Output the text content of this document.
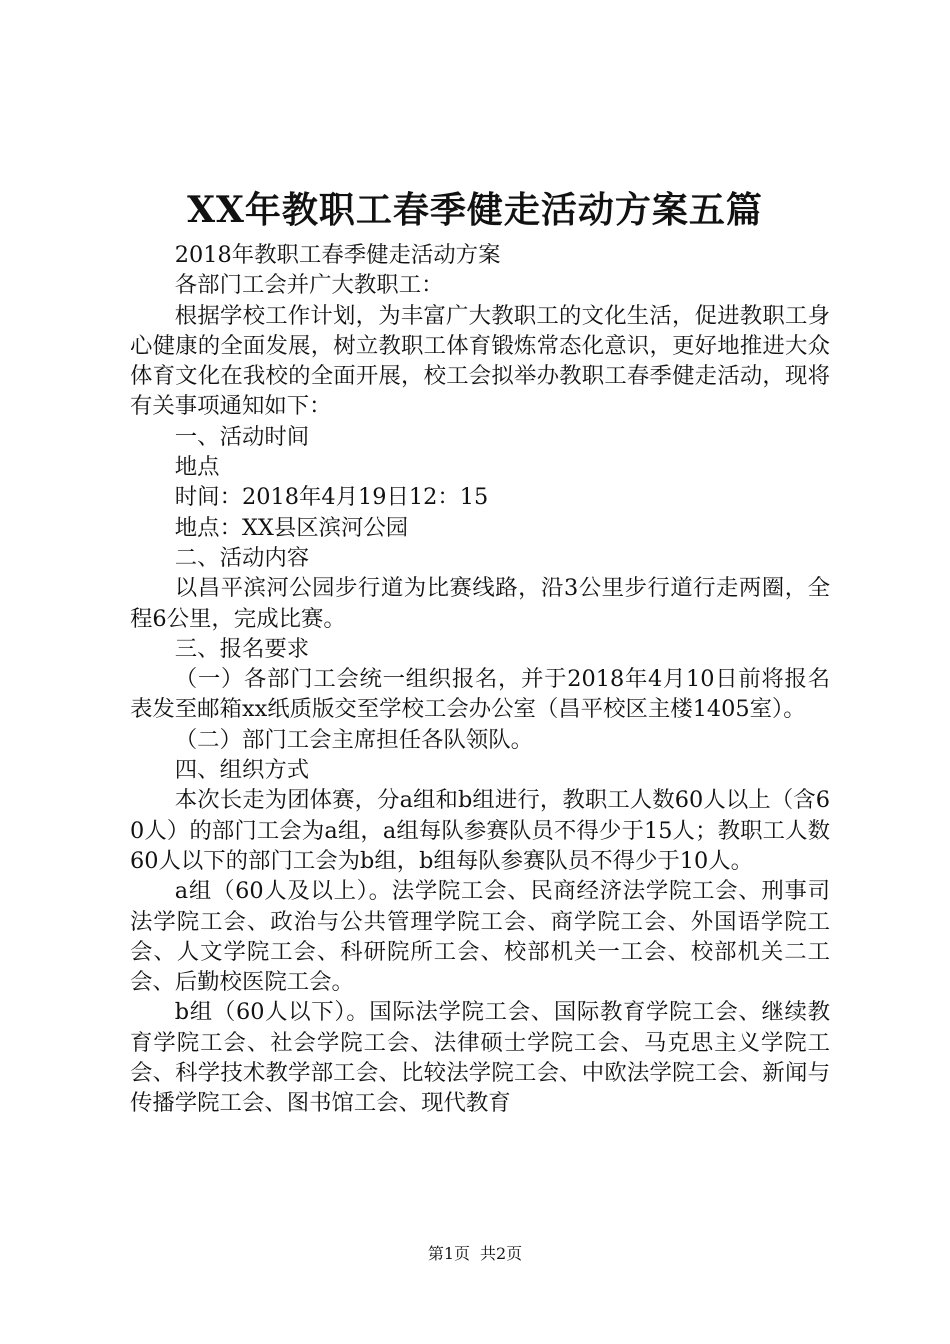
XX年教职工春季健走活动方案五篇

2018年教职工春季健走活动方案

各部门工会并广大教职工：

根据学校工作计划，为丰富广大教职工的文化生活，促进教职工身心健康的全面发展，树立教职工体育锻炼常态化意识，更好地推进大众体育文化在我校的全面开展，校工会拟举办教职工春季健走活动，现将有关事项通知如下：

一、活动时间

地点

时间：2018年4月19日12：15

地点：XX县区滨河公园

二、活动内容

以昌平滨河公园步行道为比赛线路，沿3公里步行道行走两圈，全程6公里，完成比赛。

三、报名要求

（一）各部门工会统一组织报名，并于2018年4月10日前将报名表发至邮箱xx纸质版交至学校工会办公室（昌平校区主楼1405室）。

（二）部门工会主席担任各队领队。

四、组织方式

本次长走为团体赛，分a组和b组进行，教职工人数60人以上（含60人）的部门工会为a组，a组每队参赛队员不得少于15人；教职工人数60人以下的部门工会为b组，b组每队参赛队员不得少于10人。

a组（60人及以上）。法学院工会、民商经济法学院工会、刑事司法学院工会、政治与公共管理学院工会、商学院工会、外国语学院工会、人文学院工会、科研院所工会、校部机关一工会、校部机关二工会、后勤校医院工会。

b组（60人以下）。国际法学院工会、国际教育学院工会、继续教育学院工会、社会学院工会、法律硕士学院工会、马克思主义学院工会、科学技术教学部工会、比较法学院工会、中欧法学院工会、新闻与传播学院工会、图书馆工会、现代教育

第1页 共2页
